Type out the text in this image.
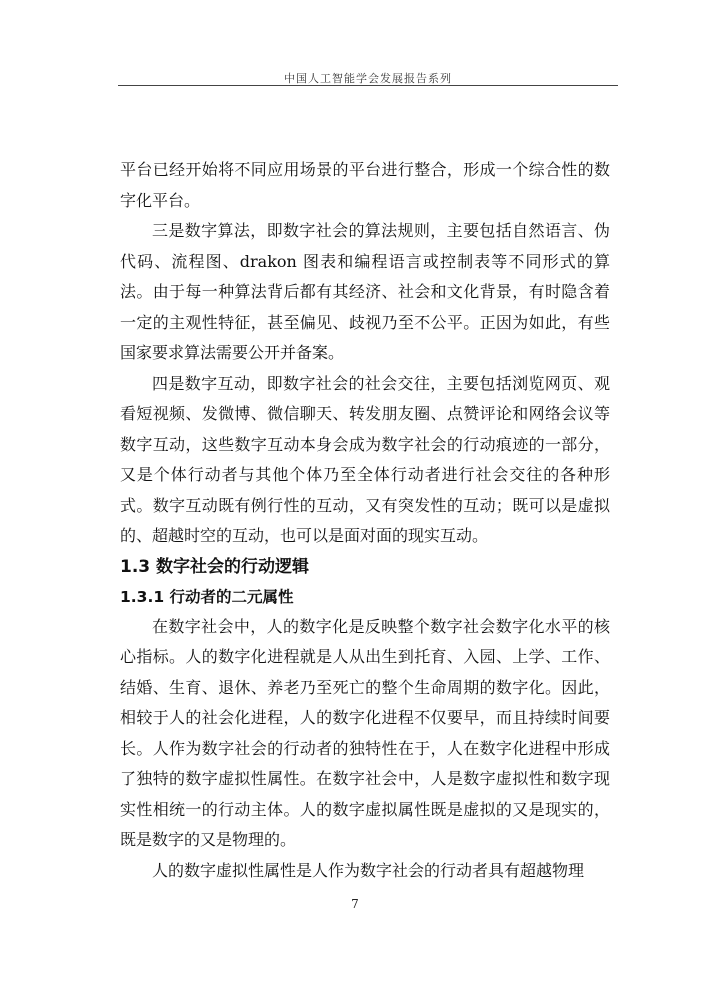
中国人工智能学会发展报告系列

平台已经开始将不同应用场景的平台进行整合，形成一个综合性的数字化平台。

三是数字算法，即数字社会的算法规则，主要包括自然语言、伪代码、流程图、drakon 图表和编程语言或控制表等不同形式的算法。由于每一种算法背后都有其经济、社会和文化背景，有时隐含着一定的主观性特征，甚至偏见、歧视乃至不公平。正因为如此，有些国家要求算法需要公开并备案。

四是数字互动，即数字社会的社会交往，主要包括浏览网页、观看短视频、发微博、微信聊天、转发朋友圈、点赞评论和网络会议等数字互动，这些数字互动本身会成为数字社会的行动痕迹的一部分，又是个体行动者与其他个体乃至全体行动者进行社会交往的各种形式。数字互动既有例行性的互动，又有突发性的互动；既可以是虚拟的、超越时空的互动，也可以是面对面的现实互动。

1.3 数字社会的行动逻辑
1.3.1 行动者的二元属性

在数字社会中，人的数字化是反映整个数字社会数字化水平的核心指标。人的数字化进程就是人从出生到托育、入园、上学、工作、结婚、生育、退休、养老乃至死亡的整个生命周期的数字化。因此，相较于人的社会化进程，人的数字化进程不仅要早，而且持续时间要长。人作为数字社会的行动者的独特性在于，人在数字化进程中形成了独特的数字虚拟性属性。在数字社会中，人是数字虚拟性和数字现实性相统一的行动主体。人的数字虚拟属性既是虚拟的又是现实的，既是数字的又是物理的。

人的数字虚拟性属性是人作为数字社会的行动者具有超越物理

7
